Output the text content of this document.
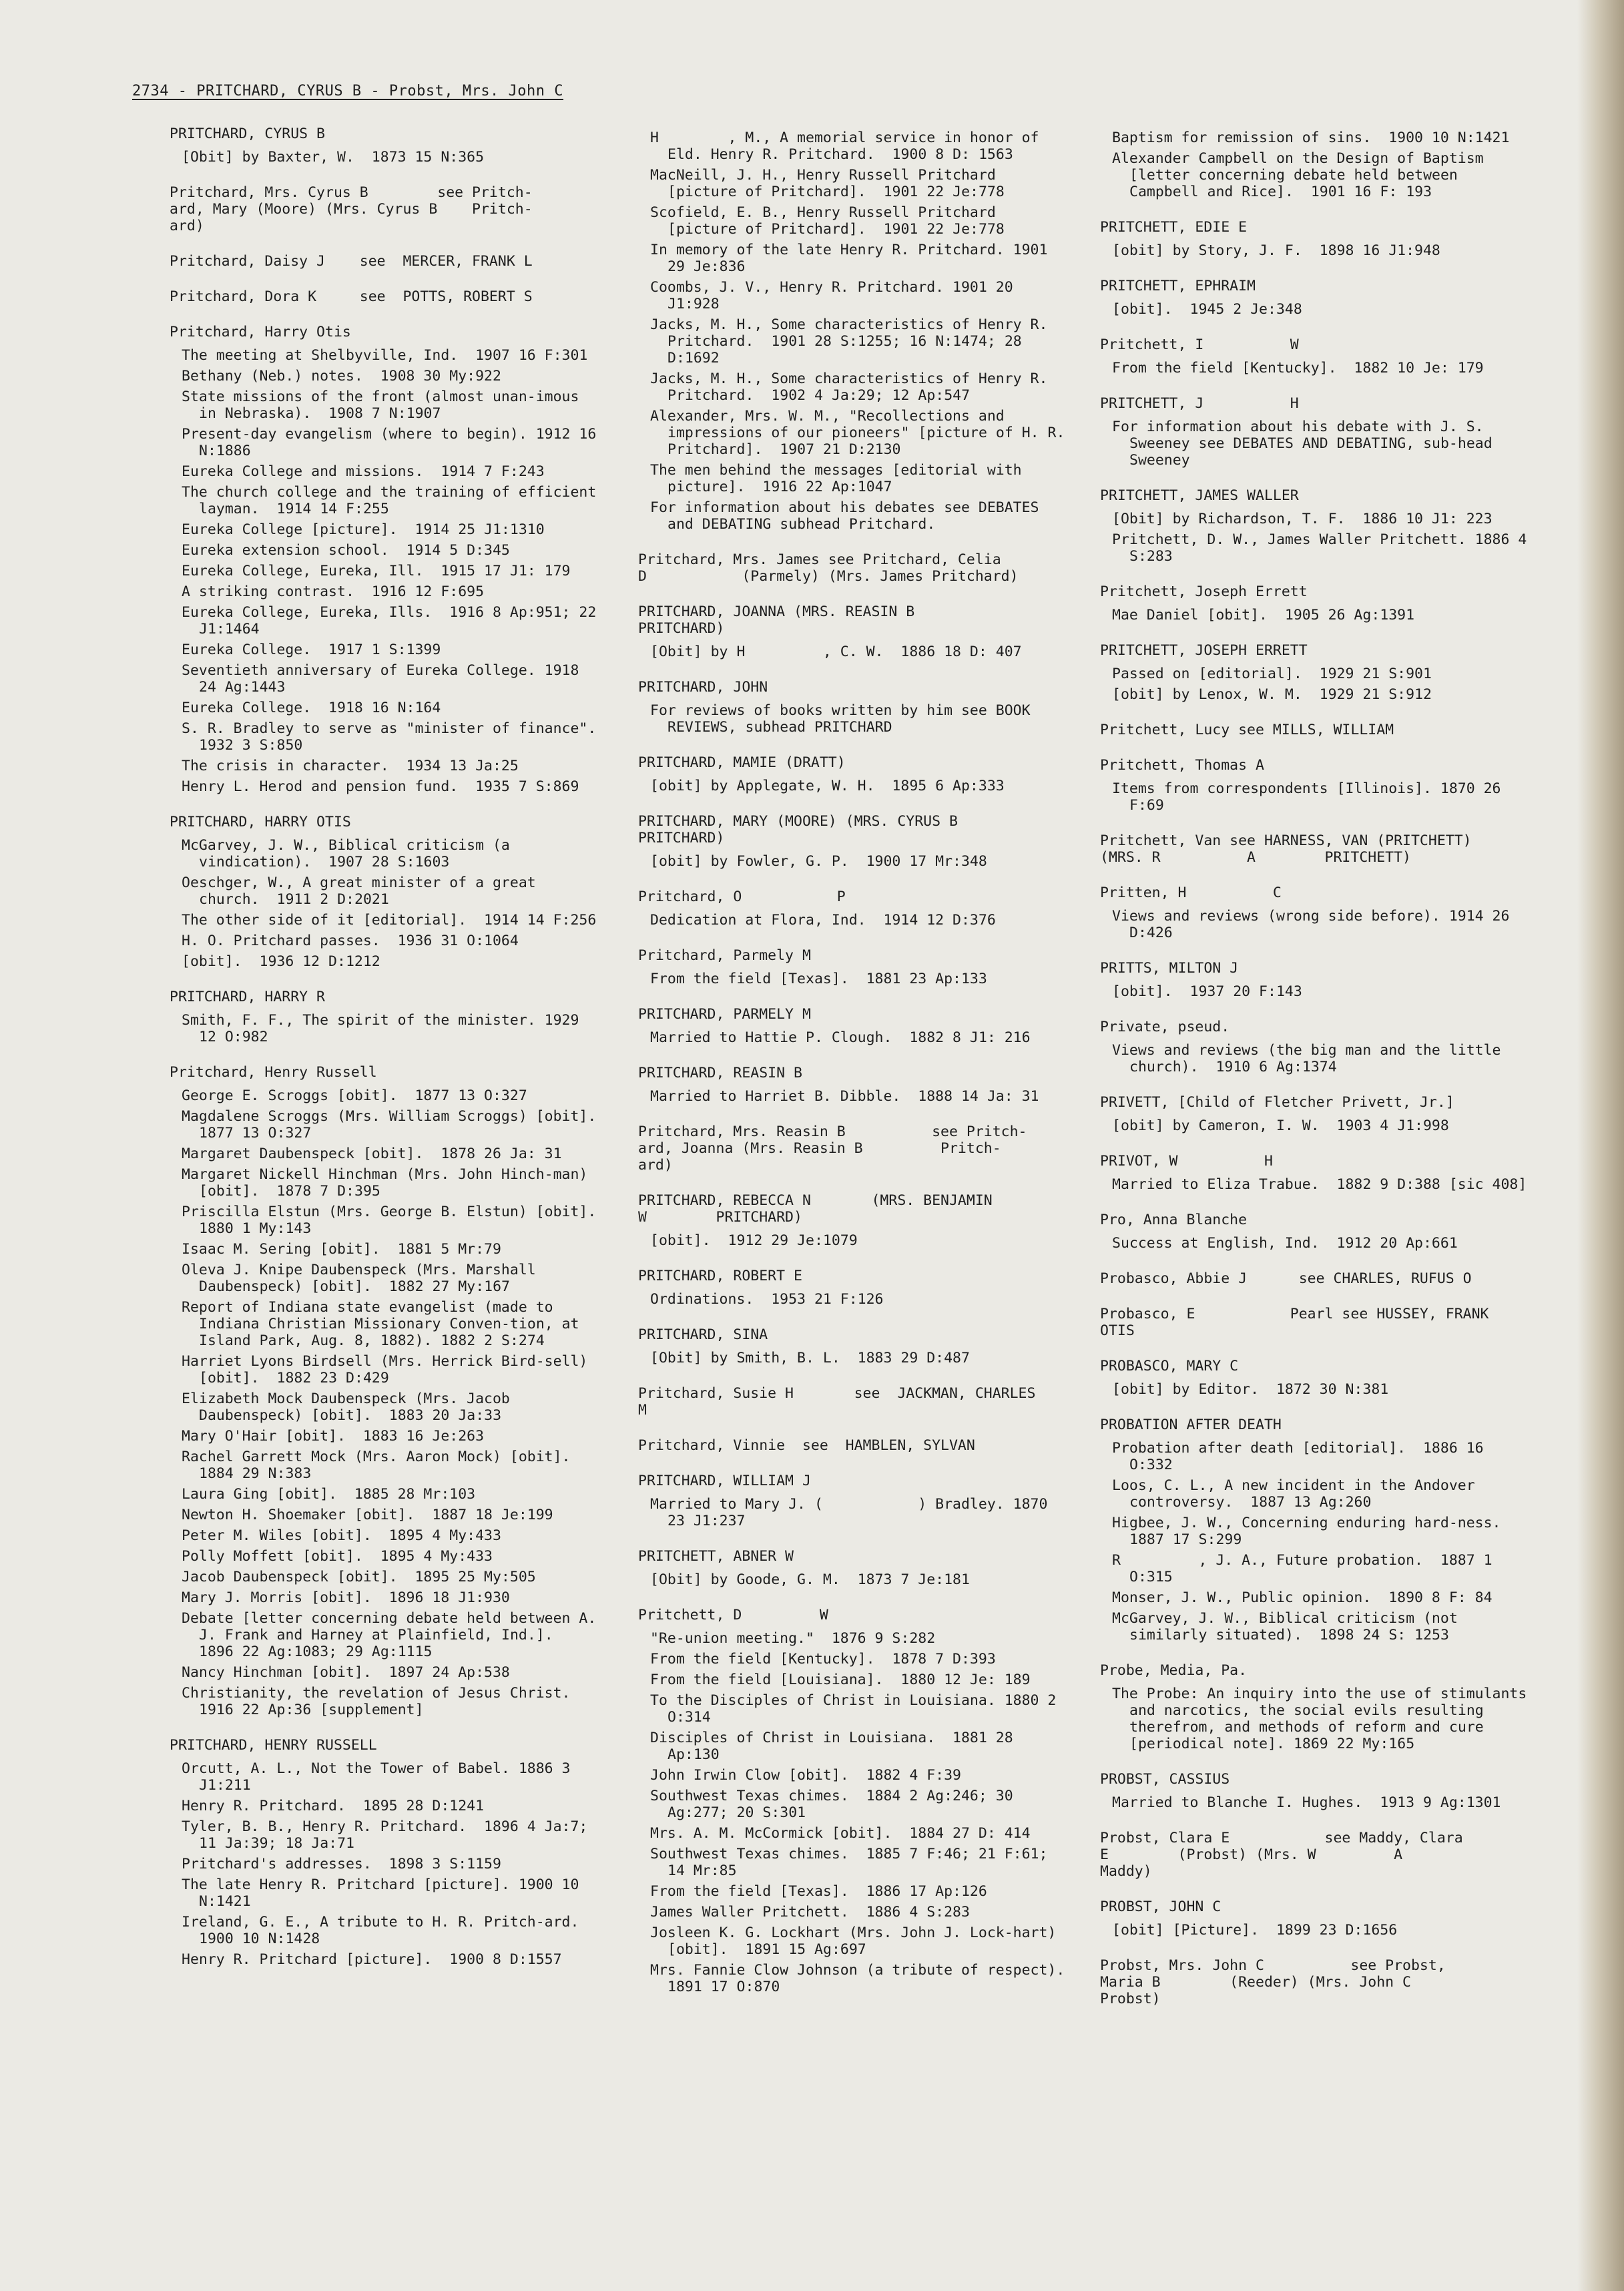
2734 - PRITCHARD, CYRUS B - Probst, Mrs. John C
PRITCHARD, CYRUS B
[Obit] by Baxter, W.  1873 15 N:365
Pritchard, Mrs. Cyrus B        see Pritch-
ard, Mary (Moore) (Mrs. Cyrus B    Pritch-
ard)
Pritchard, Daisy J    see  MERCER, FRANK L
Pritchard, Dora K     see  POTTS, ROBERT S
Pritchard, Harry Otis
The meeting at Shelbyville, Ind.  1907 16 F:301
Bethany (Neb.) notes.  1908 30 My:922
State missions of the front (almost unan-imous in Nebraska).  1908 7 N:1907
Present-day evangelism (where to begin). 1912 16 N:1886
Eureka College and missions.  1914 7 F:243
The church college and the training of efficient layman.  1914 14 F:255
Eureka College [picture].  1914 25 J1:1310
Eureka extension school.  1914 5 D:345
Eureka College, Eureka, Ill.  1915 17 J1: 179
A striking contrast.  1916 12 F:695
Eureka College, Eureka, Ills.  1916 8 Ap:951; 22 J1:1464
Eureka College.  1917 1 S:1399
Seventieth anniversary of Eureka College. 1918 24 Ag:1443
Eureka College.  1918 16 N:164
S. R. Bradley to serve as "minister of finance".  1932 3 S:850
The crisis in character.  1934 13 Ja:25
Henry L. Herod and pension fund.  1935 7 S:869
PRITCHARD, HARRY OTIS
McGarvey, J. W., Biblical criticism (a vindication).  1907 28 S:1603
Oeschger, W., A great minister of a great church.  1911 2 D:2021
The other side of it [editorial].  1914 14 F:256
H. O. Pritchard passes.  1936 31 O:1064
[obit].  1936 12 D:1212
PRITCHARD, HARRY R
Smith, F. F., The spirit of the minister. 1929 12 O:982
Pritchard, Henry Russell
George E. Scroggs [obit].  1877 13 O:327
Magdalene Scroggs (Mrs. William Scroggs) [obit].  1877 13 O:327
Margaret Daubenspeck [obit].  1878 26 Ja: 31
Margaret Nickell Hinchman (Mrs. John Hinch-man) [obit].  1878 7 D:395
Priscilla Elstun (Mrs. George B. Elstun) [obit].  1880 1 My:143
Isaac M. Sering [obit].  1881 5 Mr:79
Oleva J. Knipe Daubenspeck (Mrs. Marshall Daubenspeck) [obit].  1882 27 My:167
Report of Indiana state evangelist (made to Indiana Christian Missionary Conven-tion, at Island Park, Aug. 8, 1882). 1882 2 S:274
Harriet Lyons Birdsell (Mrs. Herrick Bird-sell) [obit].  1882 23 D:429
Elizabeth Mock Daubenspeck (Mrs. Jacob Daubenspeck) [obit].  1883 20 Ja:33
Mary O'Hair [obit].  1883 16 Je:263
Rachel Garrett Mock (Mrs. Aaron Mock) [obit].  1884 29 N:383
Laura Ging [obit].  1885 28 Mr:103
Newton H. Shoemaker [obit].  1887 18 Je:199
Peter M. Wiles [obit].  1895 4 My:433
Polly Moffett [obit].  1895 4 My:433
Jacob Daubenspeck [obit].  1895 25 My:505
Mary J. Morris [obit].  1896 18 J1:930
Debate [letter concerning debate held between A. J. Frank and Harney at Plainfield, Ind.].  1896 22 Ag:1083; 29 Ag:1115
Nancy Hinchman [obit].  1897 24 Ap:538
Christianity, the revelation of Jesus Christ.  1916 22 Ap:36 [supplement]
PRITCHARD, HENRY RUSSELL
Orcutt, A. L., Not the Tower of Babel. 1886 3 J1:211
Henry R. Pritchard.  1895 28 D:1241
Tyler, B. B., Henry R. Pritchard.  1896 4 Ja:7; 11 Ja:39; 18 Ja:71
Pritchard's addresses.  1898 3 S:1159
The late Henry R. Pritchard [picture]. 1900 10 N:1421
Ireland, G. E., A tribute to H. R. Pritch-ard.  1900 10 N:1428
Henry R. Pritchard [picture].  1900 8 D:1557
H        , M., A memorial service in honor of Eld. Henry R. Pritchard.  1900 8 D: 1563
MacNeill, J. H., Henry Russell Pritchard [picture of Pritchard].  1901 22 Je:778
Scofield, E. B., Henry Russell Pritchard [picture of Pritchard].  1901 22 Je:778
In memory of the late Henry R. Pritchard. 1901 29 Je:836
Coombs, J. V., Henry R. Pritchard. 1901 20 J1:928
Jacks, M. H., Some characteristics of Henry R. Pritchard.  1901 28 S:1255; 16 N:1474; 28 D:1692
Jacks, M. H., Some characteristics of Henry R. Pritchard.  1902 4 Ja:29; 12 Ap:547
Alexander, Mrs. W. M., "Recollections and impressions of our pioneers" [picture of H. R. Pritchard].  1907 21 D:2130
The men behind the messages [editorial with picture].  1916 22 Ap:1047
For information about his debates see DEBATES and DEBATING subhead Pritchard.
Pritchard, Mrs. James see Pritchard, Celia
D           (Parmely) (Mrs. James Pritchard)
PRITCHARD, JOANNA (MRS. REASIN B
PRITCHARD)
[Obit] by H         , C. W.  1886 18 D: 407
PRITCHARD, JOHN
For reviews of books written by him see BOOK REVIEWS, subhead PRITCHARD
PRITCHARD, MAMIE (DRATT)
[obit] by Applegate, W. H.  1895 6 Ap:333
PRITCHARD, MARY (MOORE) (MRS. CYRUS B
PRITCHARD)
[obit] by Fowler, G. P.  1900 17 Mr:348
Pritchard, O           P
Dedication at Flora, Ind.  1914 12 D:376
Pritchard, Parmely M
From the field [Texas].  1881 23 Ap:133
PRITCHARD, PARMELY M
Married to Hattie P. Clough.  1882 8 J1: 216
PRITCHARD, REASIN B
Married to Harriet B. Dibble.  1888 14 Ja: 31
Pritchard, Mrs. Reasin B          see Pritch-
ard, Joanna (Mrs. Reasin B         Pritch-
ard)
PRITCHARD, REBECCA N       (MRS. BENJAMIN
W        PRITCHARD)
[obit].  1912 29 Je:1079
PRITCHARD, ROBERT E
Ordinations.  1953 21 F:126
PRITCHARD, SINA
[Obit] by Smith, B. L.  1883 29 D:487
Pritchard, Susie H       see  JACKMAN, CHARLES
M
Pritchard, Vinnie  see  HAMBLEN, SYLVAN
PRITCHARD, WILLIAM J
Married to Mary J. (           ) Bradley. 1870 23 J1:237
PRITCHETT, ABNER W
[Obit] by Goode, G. M.  1873 7 Je:181
Pritchett, D         W
"Re-union meeting."  1876 9 S:282
From the field [Kentucky].  1878 7 D:393
From the field [Louisiana].  1880 12 Je: 189
To the Disciples of Christ in Louisiana. 1880 2 O:314
Disciples of Christ in Louisiana.  1881 28 Ap:130
John Irwin Clow [obit].  1882 4 F:39
Southwest Texas chimes.  1884 2 Ag:246; 30 Ag:277; 20 S:301
Mrs. A. M. McCormick [obit].  1884 27 D: 414
Southwest Texas chimes.  1885 7 F:46; 21 F:61; 14 Mr:85
From the field [Texas].  1886 17 Ap:126
James Waller Pritchett.  1886 4 S:283
Josleen K. G. Lockhart (Mrs. John J. Lock-hart) [obit].  1891 15 Ag:697
Mrs. Fannie Clow Johnson (a tribute of respect).  1891 17 O:870
Baptism for remission of sins.  1900 10 N:1421
Alexander Campbell on the Design of Baptism [letter concerning debate held between Campbell and Rice].  1901 16 F: 193
PRITCHETT, EDIE E
[obit] by Story, J. F.  1898 16 J1:948
PRITCHETT, EPHRAIM
[obit].  1945 2 Je:348
Pritchett, I          W
From the field [Kentucky].  1882 10 Je: 179
PRITCHETT, J          H
For information about his debate with J. S. Sweeney see DEBATES AND DEBATING, sub-head Sweeney
PRITCHETT, JAMES WALLER
[Obit] by Richardson, T. F.  1886 10 J1: 223
Pritchett, D. W., James Waller Pritchett. 1886 4 S:283
Pritchett, Joseph Errett
Mae Daniel [obit].  1905 26 Ag:1391
PRITCHETT, JOSEPH ERRETT
Passed on [editorial].  1929 21 S:901
[obit] by Lenox, W. M.  1929 21 S:912
Pritchett, Lucy see MILLS, WILLIAM
Pritchett, Thomas A
Items from correspondents [Illinois]. 1870 26 F:69
Pritchett, Van see HARNESS, VAN (PRITCHETT)
(MRS. R          A        PRITCHETT)
Pritten, H          C
Views and reviews (wrong side before). 1914 26 D:426
PRITTS, MILTON J
[obit].  1937 20 F:143
Private, pseud.
Views and reviews (the big man and the little church).  1910 6 Ag:1374
PRIVETT, [Child of Fletcher Privett, Jr.]
[obit] by Cameron, I. W.  1903 4 J1:998
PRIVOT, W          H
Married to Eliza Trabue.  1882 9 D:388 [sic 408]
Pro, Anna Blanche
Success at English, Ind.  1912 20 Ap:661
Probasco, Abbie J      see CHARLES, RUFUS O
Probasco, E           Pearl see HUSSEY, FRANK
OTIS
PROBASCO, MARY C
[obit] by Editor.  1872 30 N:381
PROBATION AFTER DEATH
Probation after death [editorial].  1886 16 O:332
Loos, C. L., A new incident in the Andover controversy.  1887 13 Ag:260
Higbee, J. W., Concerning enduring hard-ness.  1887 17 S:299
R         , J. A., Future probation.  1887 1 O:315
Monser, J. W., Public opinion.  1890 8 F: 84
McGarvey, J. W., Biblical criticism (not similarly situated).  1898 24 S: 1253
Probe, Media, Pa.
The Probe: An inquiry into the use of stimulants and narcotics, the social evils resulting therefrom, and methods of reform and cure [periodical note]. 1869 22 My:165
PROBST, CASSIUS
Married to Blanche I. Hughes.  1913 9 Ag:1301
Probst, Clara E           see Maddy, Clara
E        (Probst) (Mrs. W         A
Maddy)
PROBST, JOHN C
[obit] [Picture].  1899 23 D:1656
Probst, Mrs. John C          see Probst,
Maria B        (Reeder) (Mrs. John C
Probst)
